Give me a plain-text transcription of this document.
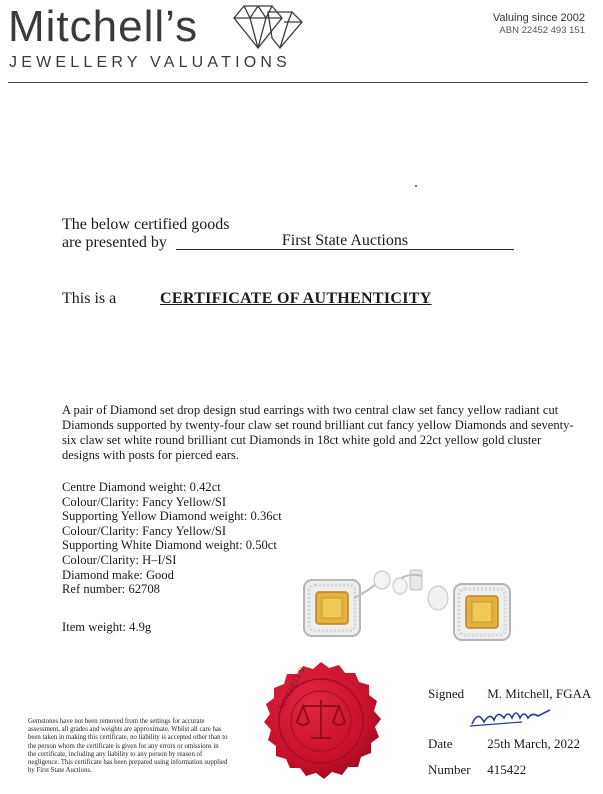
Mitchell’s
JEWELLERY VALUATIONS
Valuing since 2002
ABN 22452 493 151
The below certified goods
are presented by	First State Auctions
This is a	CERTIFICATE OF AUTHENTICITY
A pair of Diamond set drop design stud earrings with two central claw set fancy yellow radiant cut Diamonds supported by twenty-four claw set round brilliant cut fancy yellow Diamonds and seventy-six claw set white round brilliant cut Diamonds in 18ct white gold and 22ct yellow gold cluster designs with posts for pierced ears.
Centre Diamond weight: 0.42ct
Colour/Clarity: Fancy Yellow/SI
Supporting Yellow Diamond weight: 0.36ct
Colour/Clarity: Fancy Yellow/SI
Supporting White Diamond weight: 0.50ct
Colour/Clarity: H–I/SI
Diamond make: Good
Ref number: 62708
Item weight: 4.9g
MITCHELL'S
Gemstones have not been removed from the settings for accurate assessment, all grades and weights are approximate. Whilst all care has been taken in making this certificate, no liability is accepted other than to the person whom the certificate is given for any errors or omissions in the certificate, including any liability to any person by reason of negligence. This certificate has been prepared using information supplied by First State Auctions.
Signed M. Mitchell, FGAA
Date	25th March, 2022
Number 415422
